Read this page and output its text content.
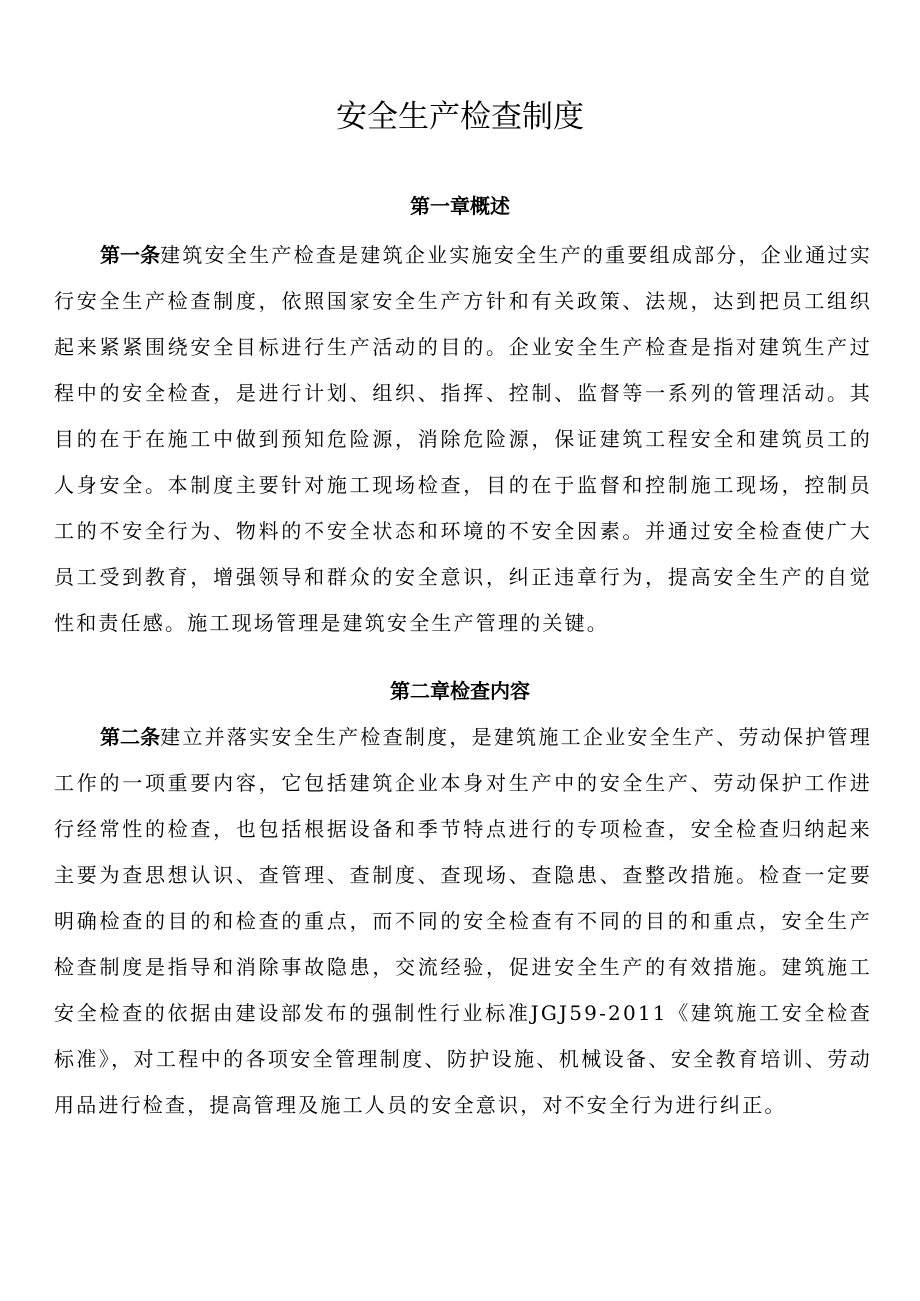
安全生产检查制度
第一章概述

第一条建筑安全生产检查是建筑企业实施安全生产的重要组成部分，企业通过实行安全生产检查制度，依照国家安全生产方针和有关政策、法规，达到把员工组织起来紧紧围绕安全目标进行生产活动的目的。企业安全生产检查是指对建筑生产过程中的安全检查，是进行计划、组织、指挥、控制、监督等一系列的管理活动。其目的在于在施工中做到预知危险源，消除危险源，保证建筑工程安全和建筑员工的人身安全。本制度主要针对施工现场检查，目的在于监督和控制施工现场，控制员工的不安全行为、物料的不安全状态和环境的不安全因素。并通过安全检查使广大员工受到教育，增强领导和群众的安全意识，纠正违章行为，提高安全生产的自觉性和责任感。施工现场管理是建筑安全生产管理的关键。

第二章检查内容

第二条建立并落实安全生产检查制度，是建筑施工企业安全生产、劳动保护管理工作的一项重要内容，它包括建筑企业本身对生产中的安全生产、劳动保护工作进行经常性的检查，也包括根据设备和季节特点进行的专项检查，安全检查归纳起来主要为查思想认识、查管理、查制度、查现场、查隐患、查整改措施。检查一定要明确检查的目的和检查的重点，而不同的安全检查有不同的目的和重点，安全生产检查制度是指导和消除事故隐患，交流经验，促进安全生产的有效措施。建筑施工安全检查的依据由建设部发布的强制性行业标准JGJ59-2011《建筑施工安全检查标准》，对工程中的各项安全管理制度、防护设施、机械设备、安全教育培训、劳动用品进行检查，提高管理及施工人员的安全意识，对不安全行为进行纠正。
